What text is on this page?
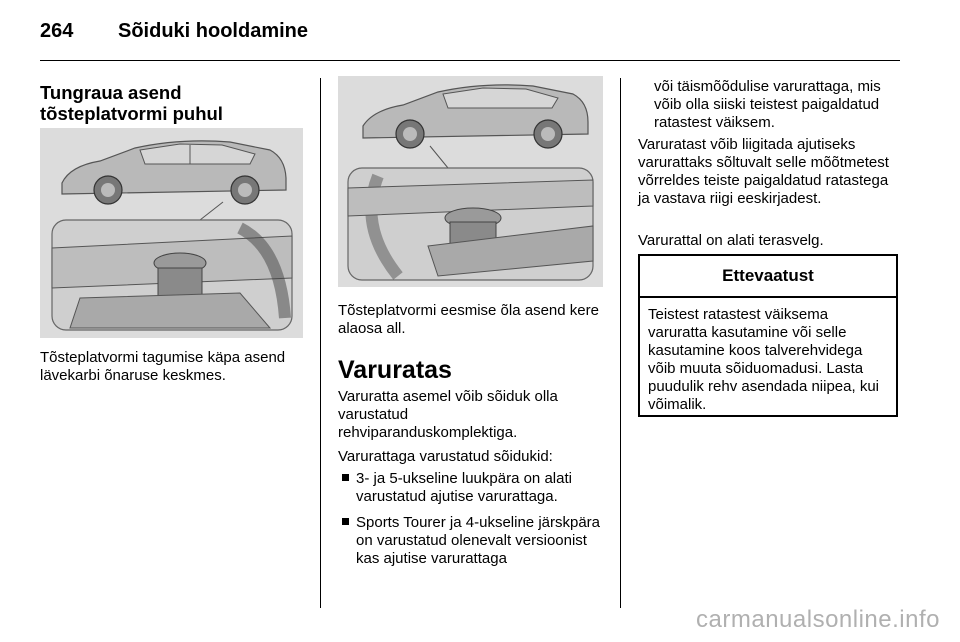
264 Sõiduki hooldamine
Tungraua asend tõsteplatvormi puhul
Tõsteplatvormi tagumise käpa asend lävekarbi õnaruse keskmes.
Tõsteplatvormi eesmise õla asend kere alaosa all.
Varuratas
Varuratta asemel võib sõiduk olla varustatud rehviparanduskomplektiga.
Varurattaga varustatud sõidukid:
3- ja 5-ukseline luukpära on alati varustatud ajutise varurattaga.
Sports Tourer ja 4-ukseline järskpära on varustatud olenevalt versioonist kas ajutise varurattaga
või täismõõdulise varurattaga, mis võib olla siiski teistest paigaldatud ratastest väiksem.
Varuratast võib liigitada ajutiseks varurattaks sõltuvalt selle mõõtmetest võrreldes teiste paigaldatud ratastega ja vastava riigi eeskirjadest.
Varurattal on alati terasvelg.
Ettevaatust
Teistest ratastest väiksema varuratta kasutamine või selle kasutamine koos talverehvidega võib muuta sõiduomadusi. Lasta puudulik rehv asendada niipea, kui võimalik.
carmanualsonline.info
